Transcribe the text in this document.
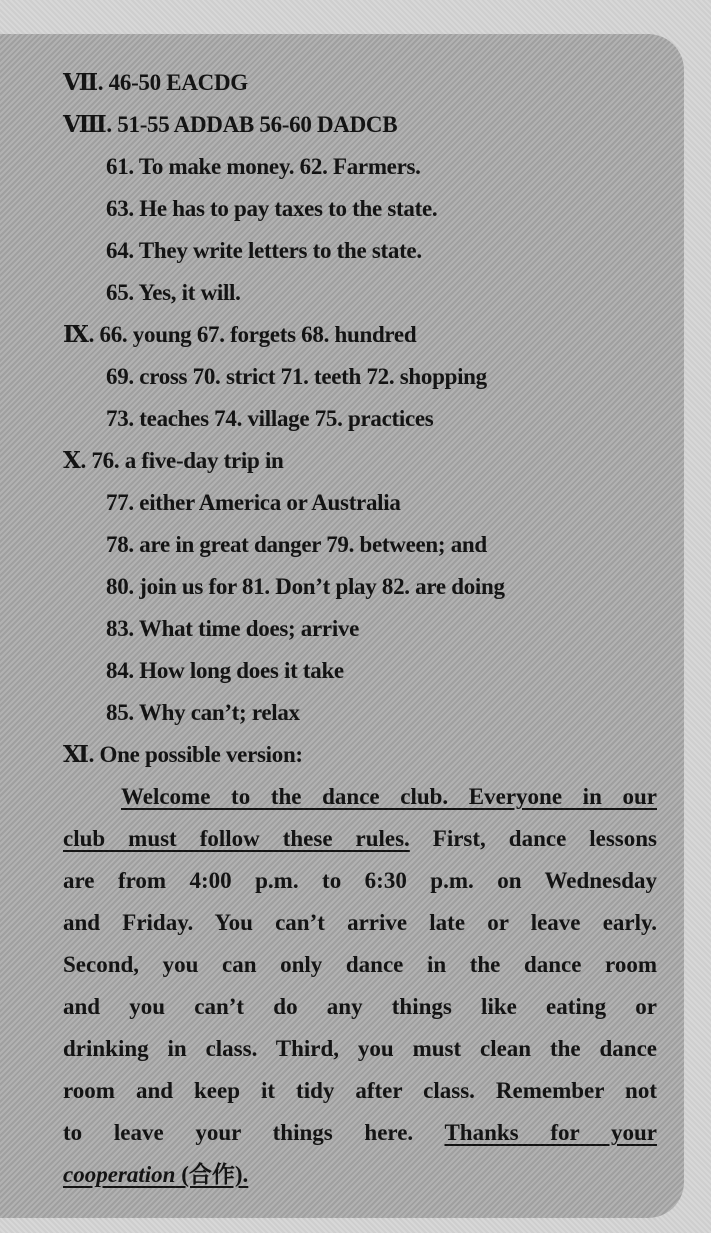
Ⅶ. 46-50 EACDG
Ⅷ. 51-55 ADDAB 56-60 DADCB
61. To make money. 62. Farmers.
63. He has to pay taxes to the state.
64. They write letters to the state.
65. Yes, it will.
Ⅸ. 66. young 67. forgets 68. hundred
69. cross 70. strict 71. teeth 72. shopping
73. teaches 74. village 75. practices
Ⅹ. 76. a five-day trip in
77. either America or Australia
78. are in great danger 79. between; and
80. join us for 81. Don’t play 82. are doing
83. What time does; arrive
84. How long does it take
85. Why can’t; relax
Ⅺ. One possible version:
Welcome to the dance club. Everyone in our
club must follow these rules. First, dance lessons
are from 4:00 p.m. to 6:30 p.m. on Wednesday
and Friday. You can’t arrive late or leave early.
Second, you can only dance in the dance room
and you can’t do any things like eating or
drinking in class. Third, you must clean the dance
room and keep it tidy after class. Remember not
to leave your things here. Thanks for your
cooperation (合作).
